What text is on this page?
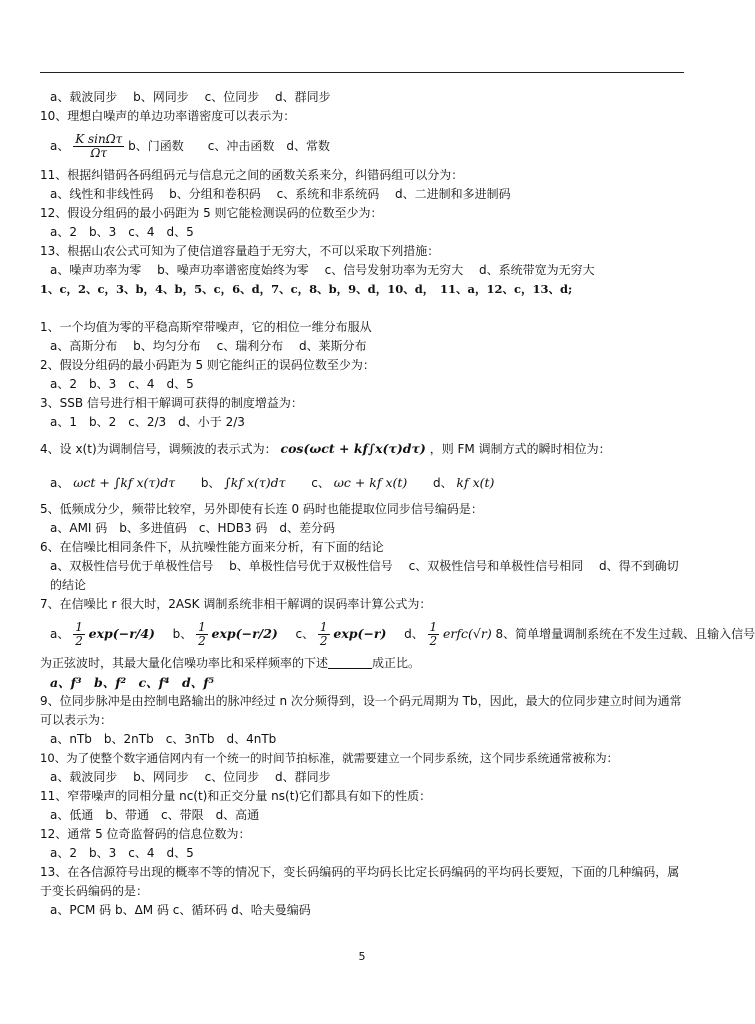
a、载波同步　 b、网同步　 c、位同步　 d、群同步
10、理想白噪声的单边功率谱密度可以表示为：
a、 $\frac{\text{K sinΩτ}}{\Omega\tau}$ b、门函数　　c、冲击函数　d、常数
11、根据纠错码各码组码元与信息元之间的函数关系来分，纠错码组可以分为：
a、线性和非线性码　 b、分组和卷积码　 c、系统和非系统码　 d、二进制和多进制码
12、假设分组码的最小码距为 5 则它能检测误码的位数至少为：
a、2　b、3　c、4　d、5
13、根据山农公式可知为了使信道容量趋于无穷大，不可以采取下列措施：
a、噪声功率为零　 b、噪声功率谱密度始终为零　 c、信号发射功率为无穷大　 d、系统带宽为无穷大
1、c，2、c，3、b，4、b，5、c，6、d，7、c，8、b，9、d，10、d，　11、a，12、c，13、d;
1、一个均值为零的平稳高斯窄带噪声，它的相位一维分布服从
a、高斯分布　 b、均匀分布　 c、瑞利分布　 d、莱斯分布
2、假设分组码的最小码距为 5 则它能纠正的误码位数至少为：
a、2　b、3　c、4　d、5
3、SSB 信号进行相干解调可获得的制度增益为：
a、1　b、2　c、2/3　d、小于 2/3
4、设 x(t)为调制信号，调频波的表示式为： cos(ωct + kf∫x(τ)dτ) ，则 FM 调制方式的瞬时相位为：
a、 ωct + ∫kf x(τ)dτ b、 ∫kf x(τ)dτ c、 ωc + kf x(t) d、 kf x(t)
5、低频成分少，频带比较窄，另外即使有长连 0 码时也能提取位同步信号编码是：
a、AMI 码　b、多进值码　c、HDB3 码　d、差分码
6、在信噪比相同条件下，从抗噪性能方面来分析，有下面的结论
a、双极性信号优于单极性信号　 b、单极性信号优于双极性信号　 c、双极性信号和单极性信号相同　 d、得不到确切的结论
7、在信噪比 r 很大时，2ASK 调制系统非相干解调的误码率计算公式为：
a、 $\frac{1}{2} \exp(-r/4)$ b、 $\frac{1}{2} \exp(-r/2)$ c、 $\frac{1}{2} \exp(-r)$ d、 $\frac{1}{2}$ erfc(√r) 8、简单增量调制系统在不发生过载、且输入信号
为正弦波时，其最大量化信噪功率比和采样频率的下述	成正比。
a、f³　b、f²　c、f⁴　d、f⁵
9、位同步脉冲是由控制电路输出的脉冲经过 n 次分频得到，设一个码元周期为 Tb，因此，最大的位同步建立时间为通常可以表示为：
a、nTb　b、2nTb　c、3nTb　d、4nTb
10、为了使整个数字通信网内有一个统一的时间节拍标准，就需要建立一个同步系统，这个同步系统通常被称为：
a、载波同步　 b、网同步　 c、位同步　 d、群同步
11、窄带噪声的同相分量 nc(t)和正交分量 ns(t)它们都具有如下的性质：
a、低通　b、带通　c、带限　d、高通
12、通常 5 位奇监督码的信息位数为：
a、2　b、3　c、4　d、5
13、在各信源符号出现的概率不等的情况下，变长码编码的平均码长比定长码编码的平均码长要短，下面的几种编码，属于变长码编码的是：
a、PCM 码 b、ΔM 码 c、循环码 d、哈夫曼编码
5
